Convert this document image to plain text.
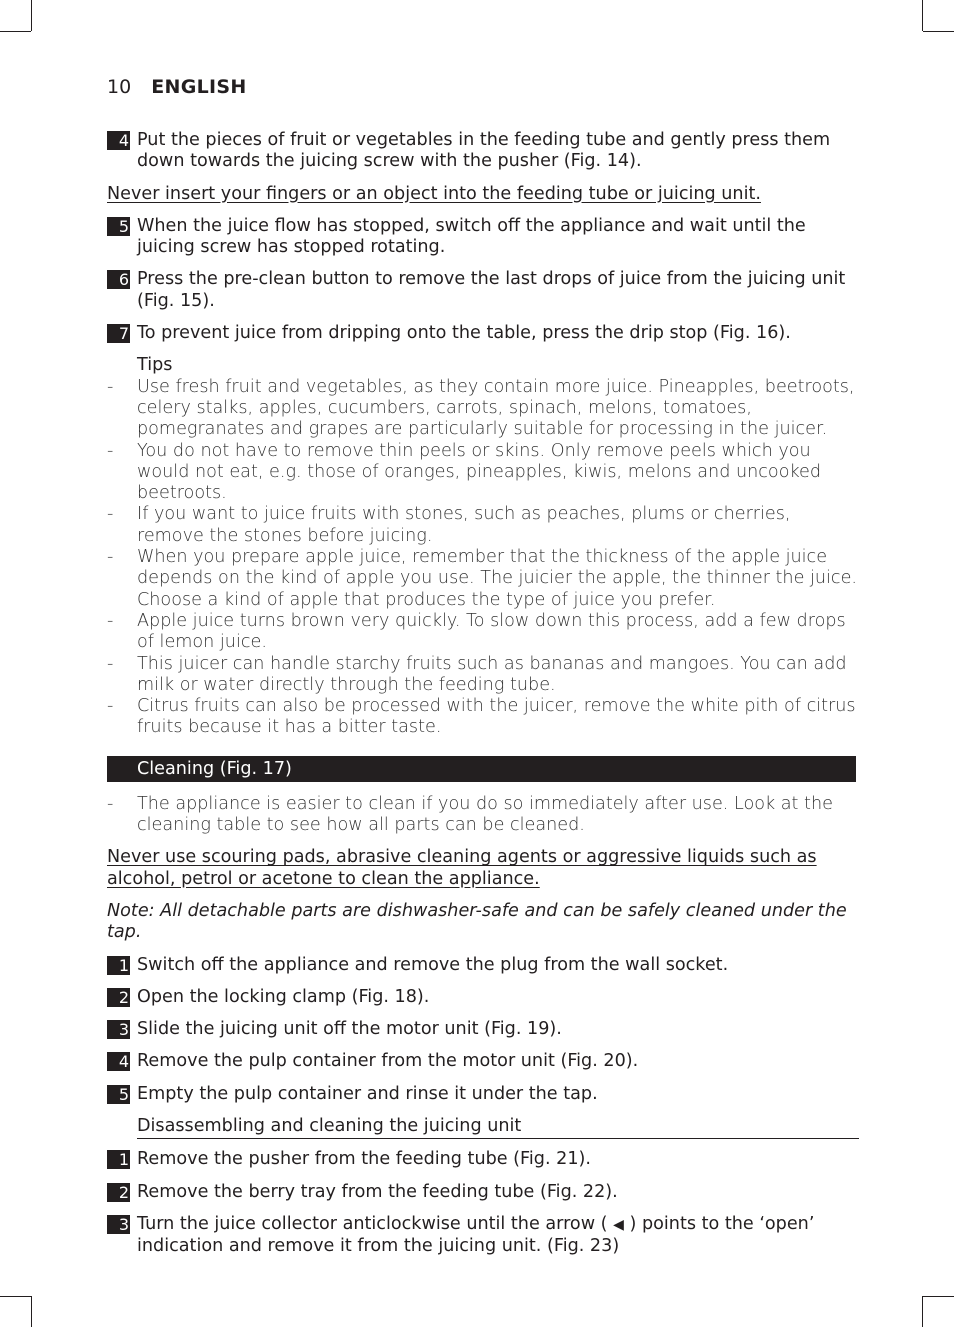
10 ENGLISH
4 Put the pieces of fruit or vegetables in the feeding tube and gently press them down towards the juicing screw with the pusher (Fig. 14).
Never insert your fingers or an object into the feeding tube or juicing unit.
5 When the juice flow has stopped, switch off the appliance and wait until the juicing screw has stopped rotating.
6 Press the pre-clean button to remove the last drops of juice from the juicing unit (Fig. 15).
7 To prevent juice from dripping onto the table, press the drip stop (Fig. 16).
Tips
-	Use fresh fruit and vegetables, as they contain more juice. Pineapples, beetroots, celery stalks, apples, cucumbers, carrots, spinach, melons, tomatoes, pomegranates and grapes are particularly suitable for processing in the juicer.
-	You do not have to remove thin peels or skins. Only remove peels which you would not eat, e.g. those of oranges, pineapples, kiwis, melons and uncooked beetroots.
-	If you want to juice fruits with stones, such as peaches, plums or cherries, remove the stones before juicing.
-	When you prepare apple juice, remember that the thickness of the apple juice depends on the kind of apple you use. The juicier the apple, the thinner the juice. Choose a kind of apple that produces the type of juice you prefer.
-	Apple juice turns brown very quickly. To slow down this process, add a few drops of lemon juice.
-	This juicer can handle starchy fruits such as bananas and mangoes. You can add milk or water directly through the feeding tube.
-	Citrus fruits can also be processed with the juicer, remove the white pith of citrus fruits because it has a bitter taste.
Cleaning (Fig. 17)
-	The appliance is easier to clean if you do so immediately after use. Look at the cleaning table to see how all parts can be cleaned.
Never use scouring pads, abrasive cleaning agents or aggressive liquids such as alcohol, petrol or acetone to clean the appliance.
Note: All detachable parts are dishwasher-safe and can be safely cleaned under the tap.
1 Switch off the appliance and remove the plug from the wall socket.
2 Open the locking clamp (Fig. 18).
3 Slide the juicing unit off the motor unit (Fig. 19).
4 Remove the pulp container from the motor unit (Fig. 20).
5 Empty the pulp container and rinse it under the tap.
Disassembling and cleaning the juicing unit
1 Remove the pusher from the feeding tube (Fig. 21).
2 Remove the berry tray from the feeding tube (Fig. 22).
3 Turn the juice collector anticlockwise until the arrow ( ◀ ) points to the ‘open’ indication and remove it from the juicing unit. (Fig. 23)
